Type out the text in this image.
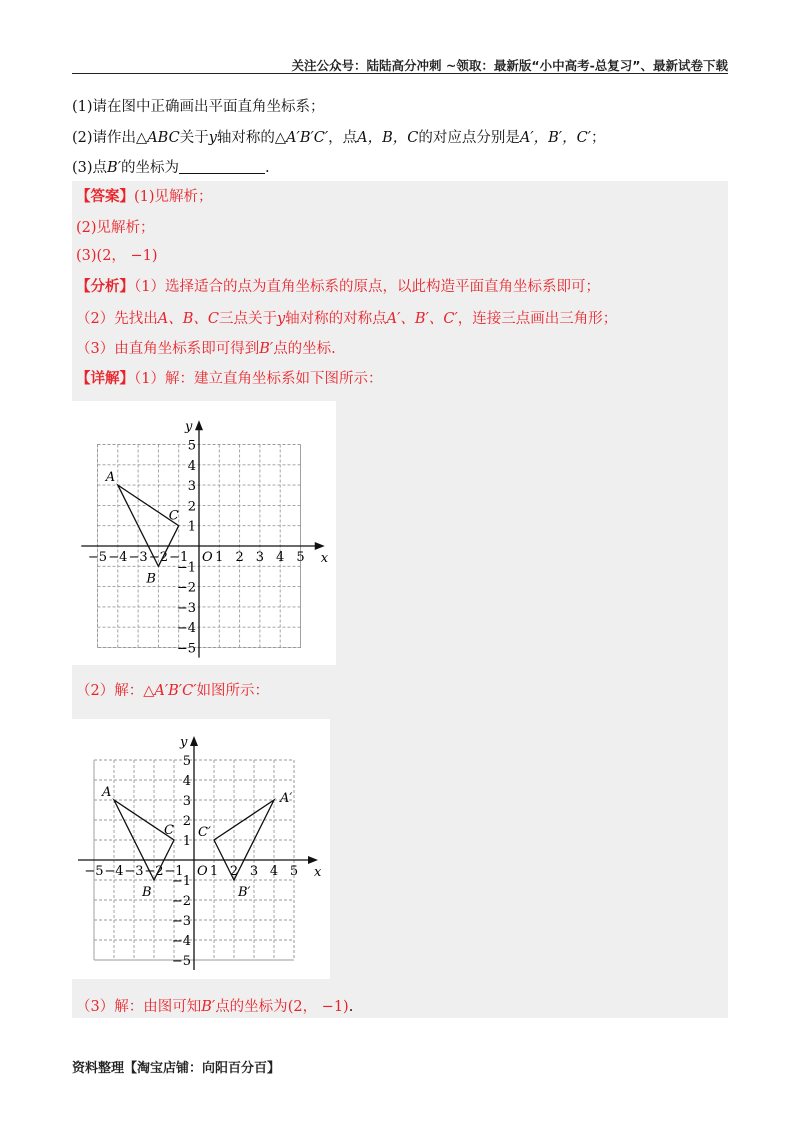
关注公众号：陆陆高分冲刺 ~领取：最新版“小中高考-总复习”、最新试卷下载
(1)请在图中正确画出平面直角坐标系；
(2)请作出△ABC关于y轴对称的△A′B′C′，点A，B，C的对应点分别是A′，B′，C′；
(3)点B′的坐标为	.
【答案】(1)见解析；
(2)见解析；
(3)(2， −1)
【分析】（1）选择适合的点为直角坐标系的原点，以此构造平面直角坐标系即可；
（2）先找出A、B、C三点关于y轴对称的对称点A′、B′、C′，连接三点画出三角形；
（3）由直角坐标系即可得到B′点的坐标.
【详解】（1）解：建立直角坐标系如下图所示：
x
y
O
−5 −4 −3 −2 −1 1 2 3 4 5
5
4
3
2
1
−1
−2
−3
−4
−5
A
B
C
（2）解：△A′B′C′如图所示：
x
y
O
−5 −4 −3 −2 −1 1 2 3 4 5
5
4
3
2
1
−1
−2
−3
−4
−5
A
B
C
A′
B′
C′
（3）解：由图可知B′点的坐标为(2， −1).
资料整理【淘宝店铺：向阳百分百】
